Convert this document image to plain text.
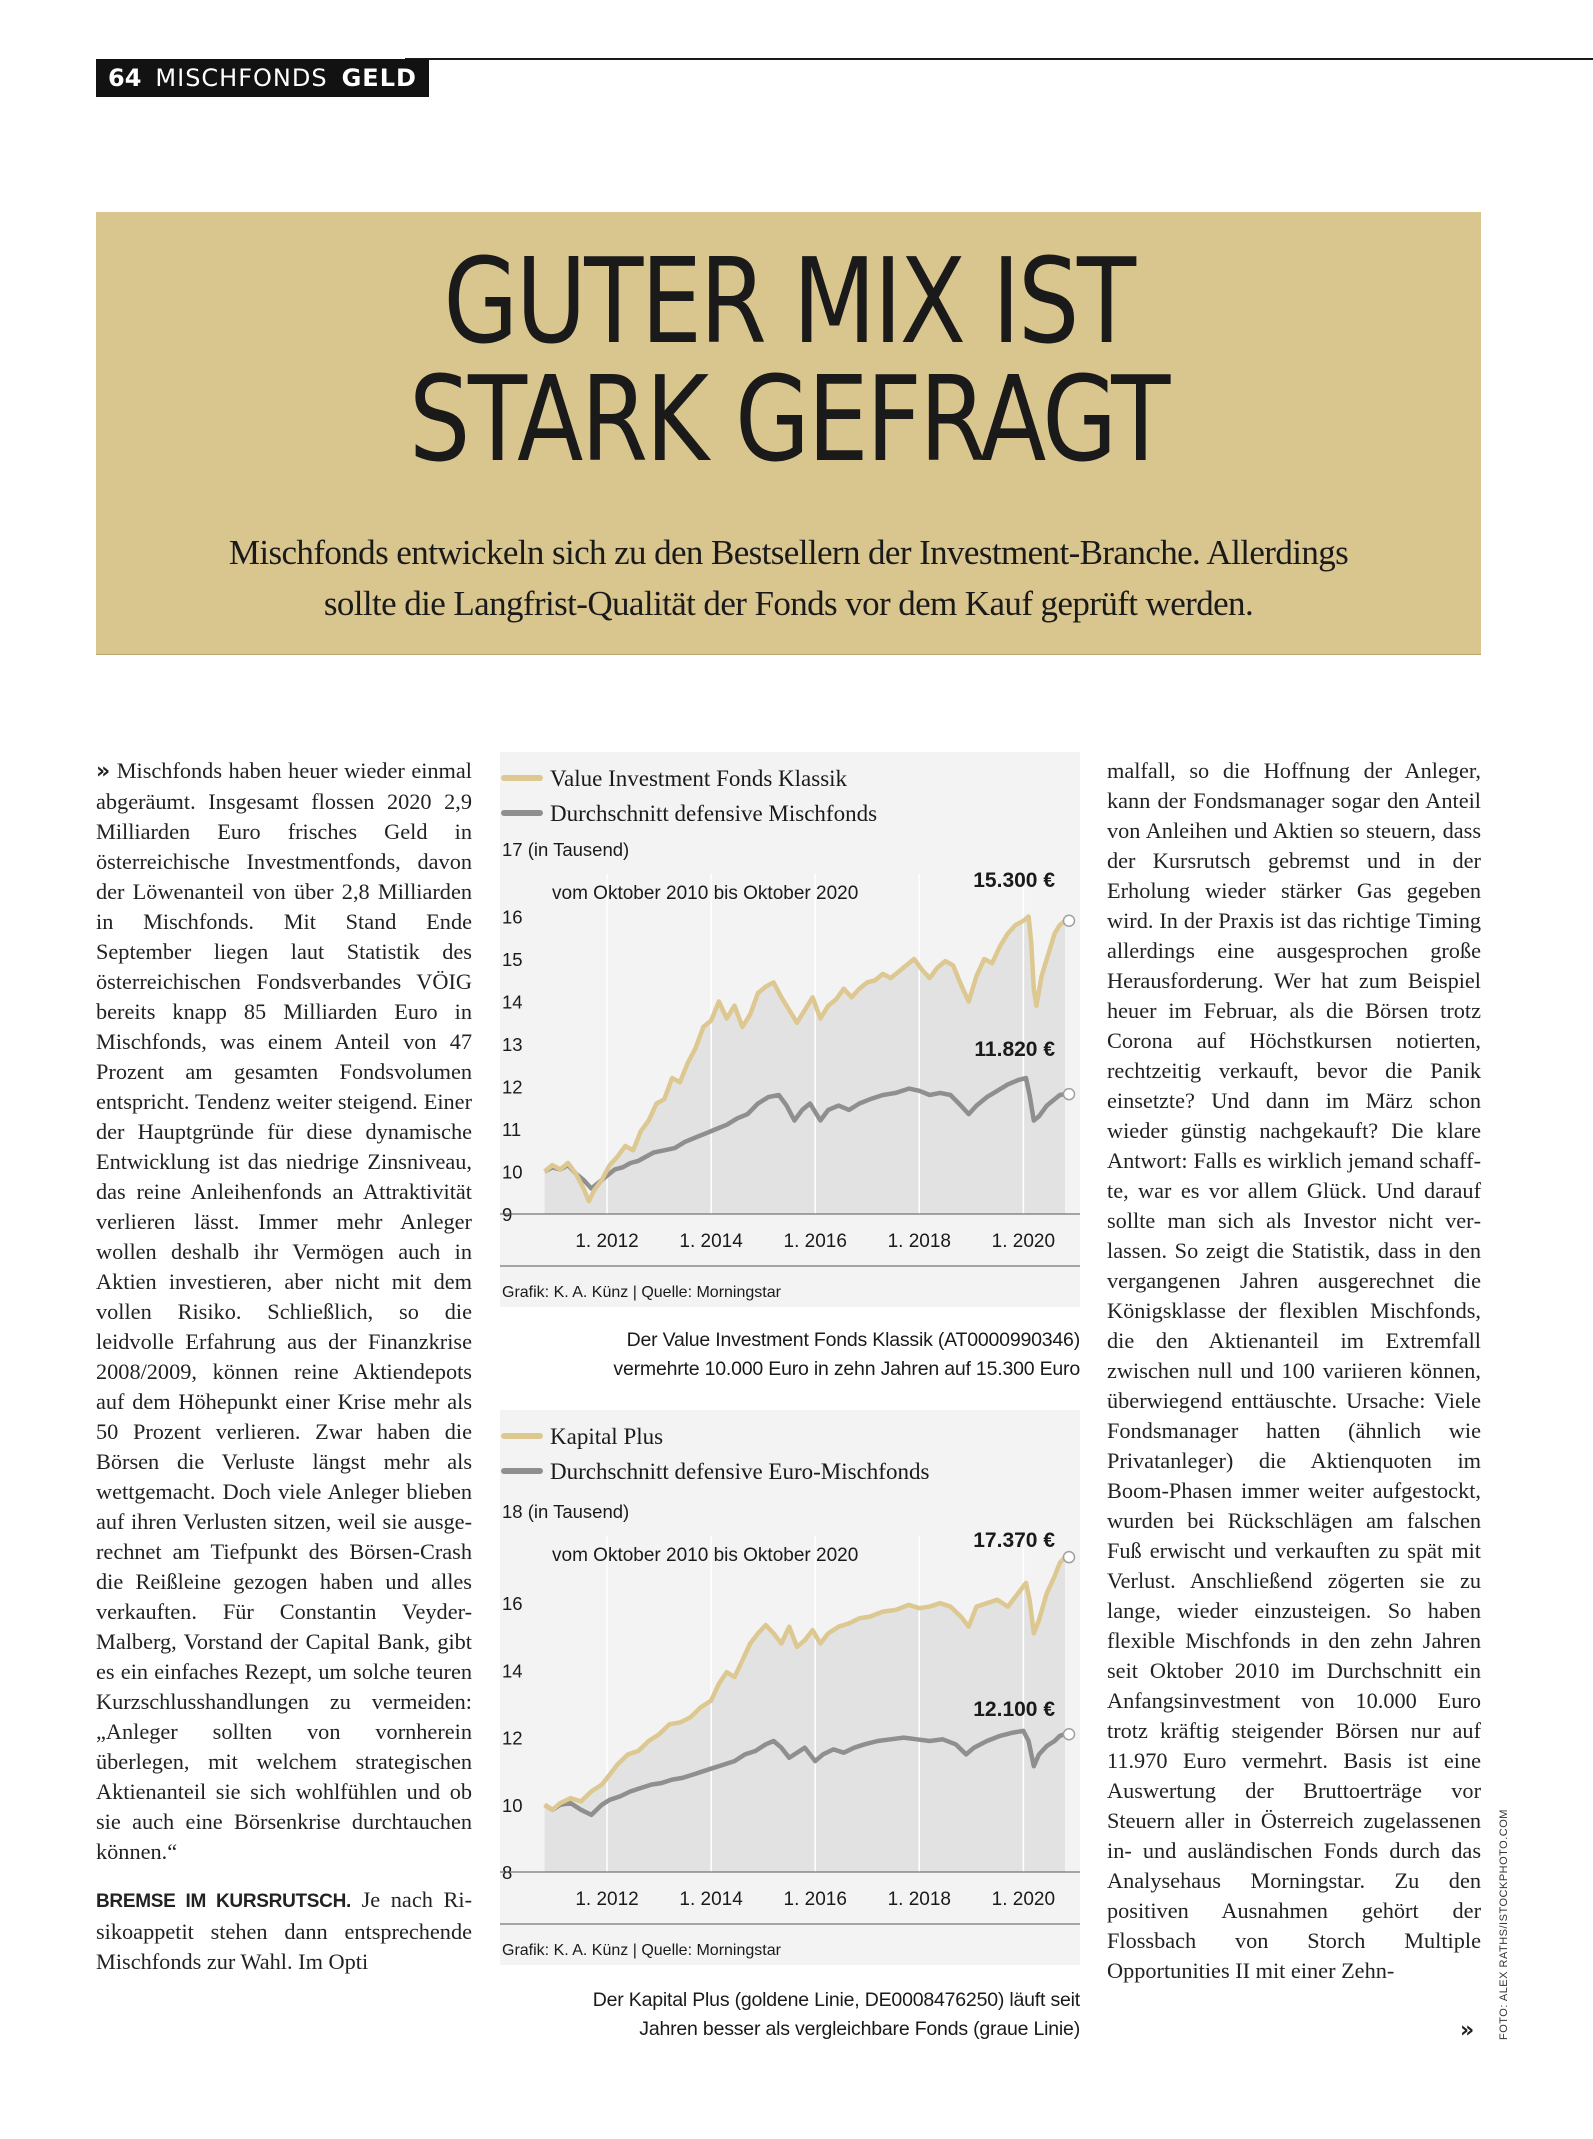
64 MISCHFONDS GELD
GUTER MIX IST
STARK GEFRAGT
Mischfonds entwickeln sich zu den Bestsellern der Investment-Branche. Allerdings
sollte die Langfrist-Qualität der Fonds vor dem Kauf geprüft werden.

» Mischfonds haben heuer wieder einmal abgeräumt. Insgesamt flossen 2020 2,9 Milliarden Euro frisches Geld in österreichische Investmentfonds, davon der Löwenanteil von über 2,8 Milliarden in Mischfonds. Mit Stand Ende September liegen laut Statistik des österreichischen Fondsverbandes VÖIG bereits knapp 85 Milliarden Euro in Mischfonds, was einem Anteil von 47 Prozent am gesamten Fondsvolumen entspricht. Tendenz weiter steigend. Einer der Hauptgründe für diese dynamische Entwicklung ist das niedrige Zinsniveau, das reine Anleihenfonds an Attraktivität verlieren lässt. Immer mehr Anleger wollen deshalb ihr Vermögen auch in Aktien investieren, aber nicht mit dem vollen Risiko. Schließlich, so die leidvolle Erfahrung aus der Finanzkrise 2008/2009, können reine Aktiendepots auf dem Höhepunkt einer Krise mehr als 50 Prozent verlieren. Zwar haben die Börsen die Verluste längst mehr als wettgemacht. Doch viele Anleger blieben auf ihren Verlusten sitzen, weil sie ausgerechnet am Tiefpunkt des Börsen-Crash die Reißleine gezogen haben und alles verkauften. Für Constantin Veyder-Malberg, Vorstand der Capital Bank, gibt es ein einfaches Rezept, um solche teuren Kurzschlusshandlungen zu vermeiden: „Anleger sollten von vornherein überlegen, mit welchem strategischen Aktienanteil sie sich wohlfühlen und ob sie auch eine Börsenkrise durchtauchen können.“

BREMSE IM KURSRUTSCH. Je nach Risikoappetit stehen dann entsprechende Mischfonds zur Wahl. Im Opti

malfall, so die Hoffnung der Anleger, kann der Fondsmanager sogar den Anteil von Anleihen und Aktien so steuern, dass der Kursrutsch gebremst und in der Erholung wieder stärker Gas gegeben wird. In der Praxis ist das richtige Timing allerdings eine ausgesprochen große Herausforderung. Wer hat zum Beispiel heuer im Februar, als die Börsen trotz Corona auf Höchstkursen notierten, rechtzeitig verkauft, bevor die Panik einsetzte? Und dann im März schon wieder günstig nachgekauft? Die klare Antwort: Falls es wirklich jemand schaffte, war es vor allem Glück. Und darauf sollte man sich als Investor nicht verlassen. So zeigt die Statistik, dass in den vergangenen Jahren ausgerechnet die Königsklasse der flexiblen Mischfonds, die den Aktienanteil im Extremfall zwischen null und 100 variieren können, überwiegend enttäuschte. Ursache: Viele Fondsmanager hatten (ähnlich wie Privatanleger) die Aktienquoten im Boom-Phasen immer weiter aufgestockt, wurden bei Rückschlägen am falschen Fuß erwischt und verkauften zu spät mit Verlust. Anschließend zögerten sie zu lange, wieder einzusteigen. So haben flexible Mischfonds in den zehn Jahren seit Oktober 2010 im Durchschnitt ein Anfangsinvestment von 10.000 Euro trotz kräftig steigender Börsen nur auf 11.970 Euro vermehrt. Basis ist eine Auswertung der Bruttoerträge vor Steuern aller in Österreich zugelassenen in- und ausländischen Fonds durch das Analysehaus Morningstar. Zu den positiven Ausnahmen gehört der Flossbach von Storch Multiple Opportunities II mit einer Zehn-

»
Value Investment Fonds Klassik
Durchschnitt defensive Mischfonds
9
10
11
12
13
14
15
16
17 (in Tausend)
vom Oktober 2010 bis Oktober 2020
15.300 €
11.820 €
1. 2012 1. 2014 1. 2016 1. 2018 1. 2020
Grafik: K. A. Künz | Quelle: Morningstar
Der Value Investment Fonds Klassik (AT0000990346)
vermehrte 10.000 Euro in zehn Jahren auf 15.300 Euro
Kapital Plus
Durchschnitt defensive Euro-Mischfonds
8
10
12
14
16
18 (in Tausend)
vom Oktober 2010 bis Oktober 2020
17.370 €
12.100 €
1. 2012 1. 2014 1. 2016 1. 2018 1. 2020
Grafik: K. A. Künz | Quelle: Morningstar
Der Kapital Plus (goldene Linie, DE0008476250) läuft seit
Jahren besser als vergleichbare Fonds (graue Linie)	FOTO: ALEX RATHS/ISTOCKPHOTO.COM
